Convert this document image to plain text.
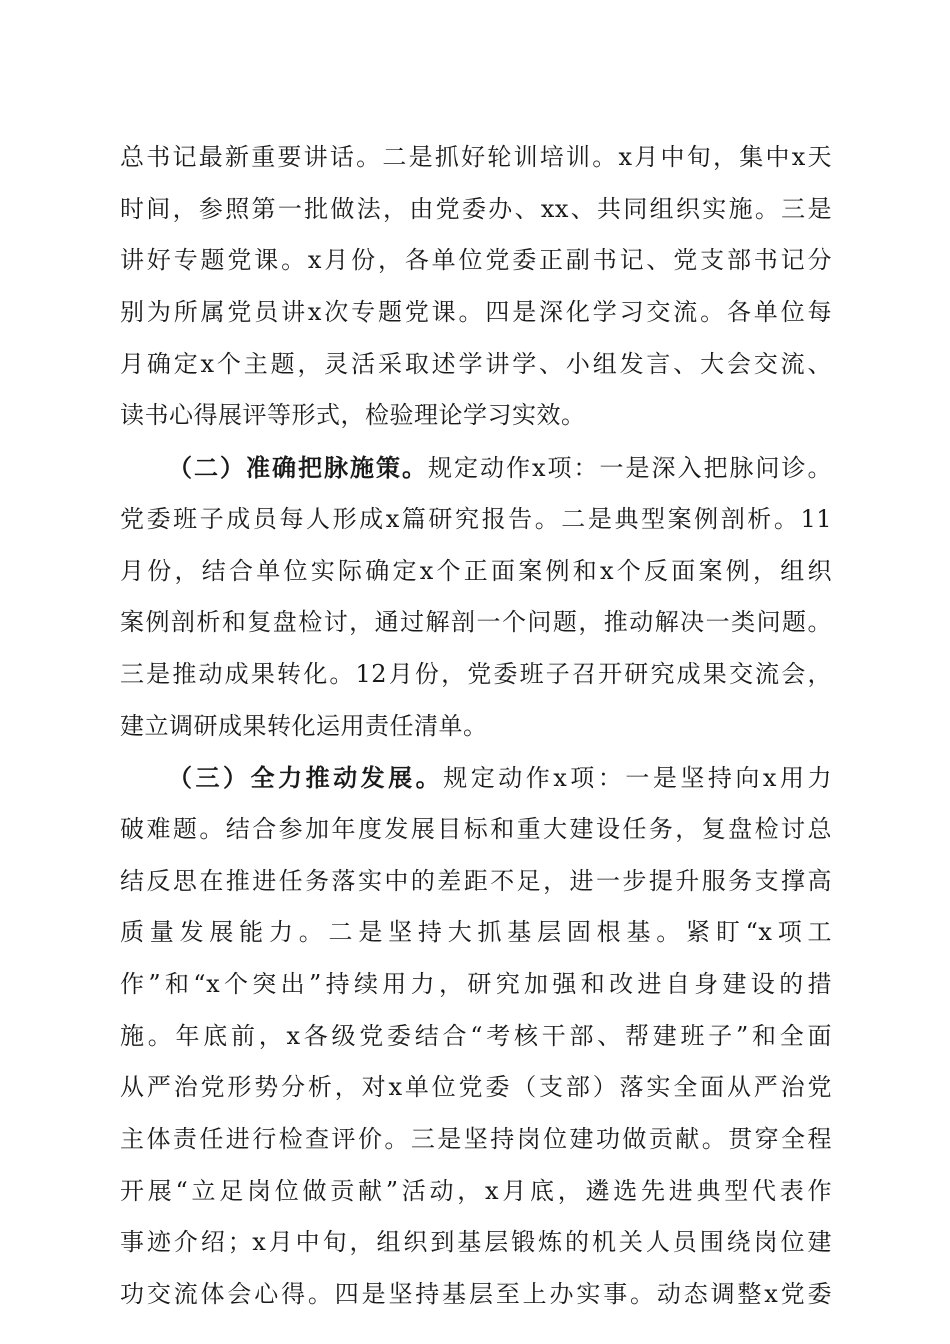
总书记最新重要讲话。二是抓好轮训培训。x月中旬，集中x天
时间，参照第一批做法，由党委办、xx、共同组织实施。三是
讲好专题党课。x月份，各单位党委正副书记、党支部书记分
别为所属党员讲x次专题党课。四是深化学习交流。各单位每
月确定x个主题，灵活采取述学讲学、小组发言、大会交流、
读书心得展评等形式，检验理论学习实效。
（二）准确把脉施策。规定动作x项：一是深入把脉问诊。
党委班子成员每人形成x篇研究报告。二是典型案例剖析。11
月份，结合单位实际确定x个正面案例和x个反面案例，组织
案例剖析和复盘检讨，通过解剖一个问题，推动解决一类问题。
三是推动成果转化。12月份，党委班子召开研究成果交流会，
建立调研成果转化运用责任清单。
（三）全力推动发展。规定动作x项：一是坚持向x用力
破难题。结合参加年度发展目标和重大建设任务，复盘检讨总
结反思在推进任务落实中的差距不足，进一步提升服务支撑高
质量发展能力。二是坚持大抓基层固根基。紧盯“x项工
作”和“x个突出”持续用力，研究加强和改进自身建设的措
施。年底前，x各级党委结合“考核干部、帮建班子”和全面
从严治党形势分析，对x单位党委（支部）落实全面从严治党
主体责任进行检查评价。三是坚持岗位建功做贡献。贯穿全程
开展“立足岗位做贡献”活动，x月底，遴选先进典型代表作
事迹介绍；x月中旬，组织到基层锻炼的机关人员围绕岗位建
功交流体会心得。四是坚持基层至上办实事。动态调整x党委
